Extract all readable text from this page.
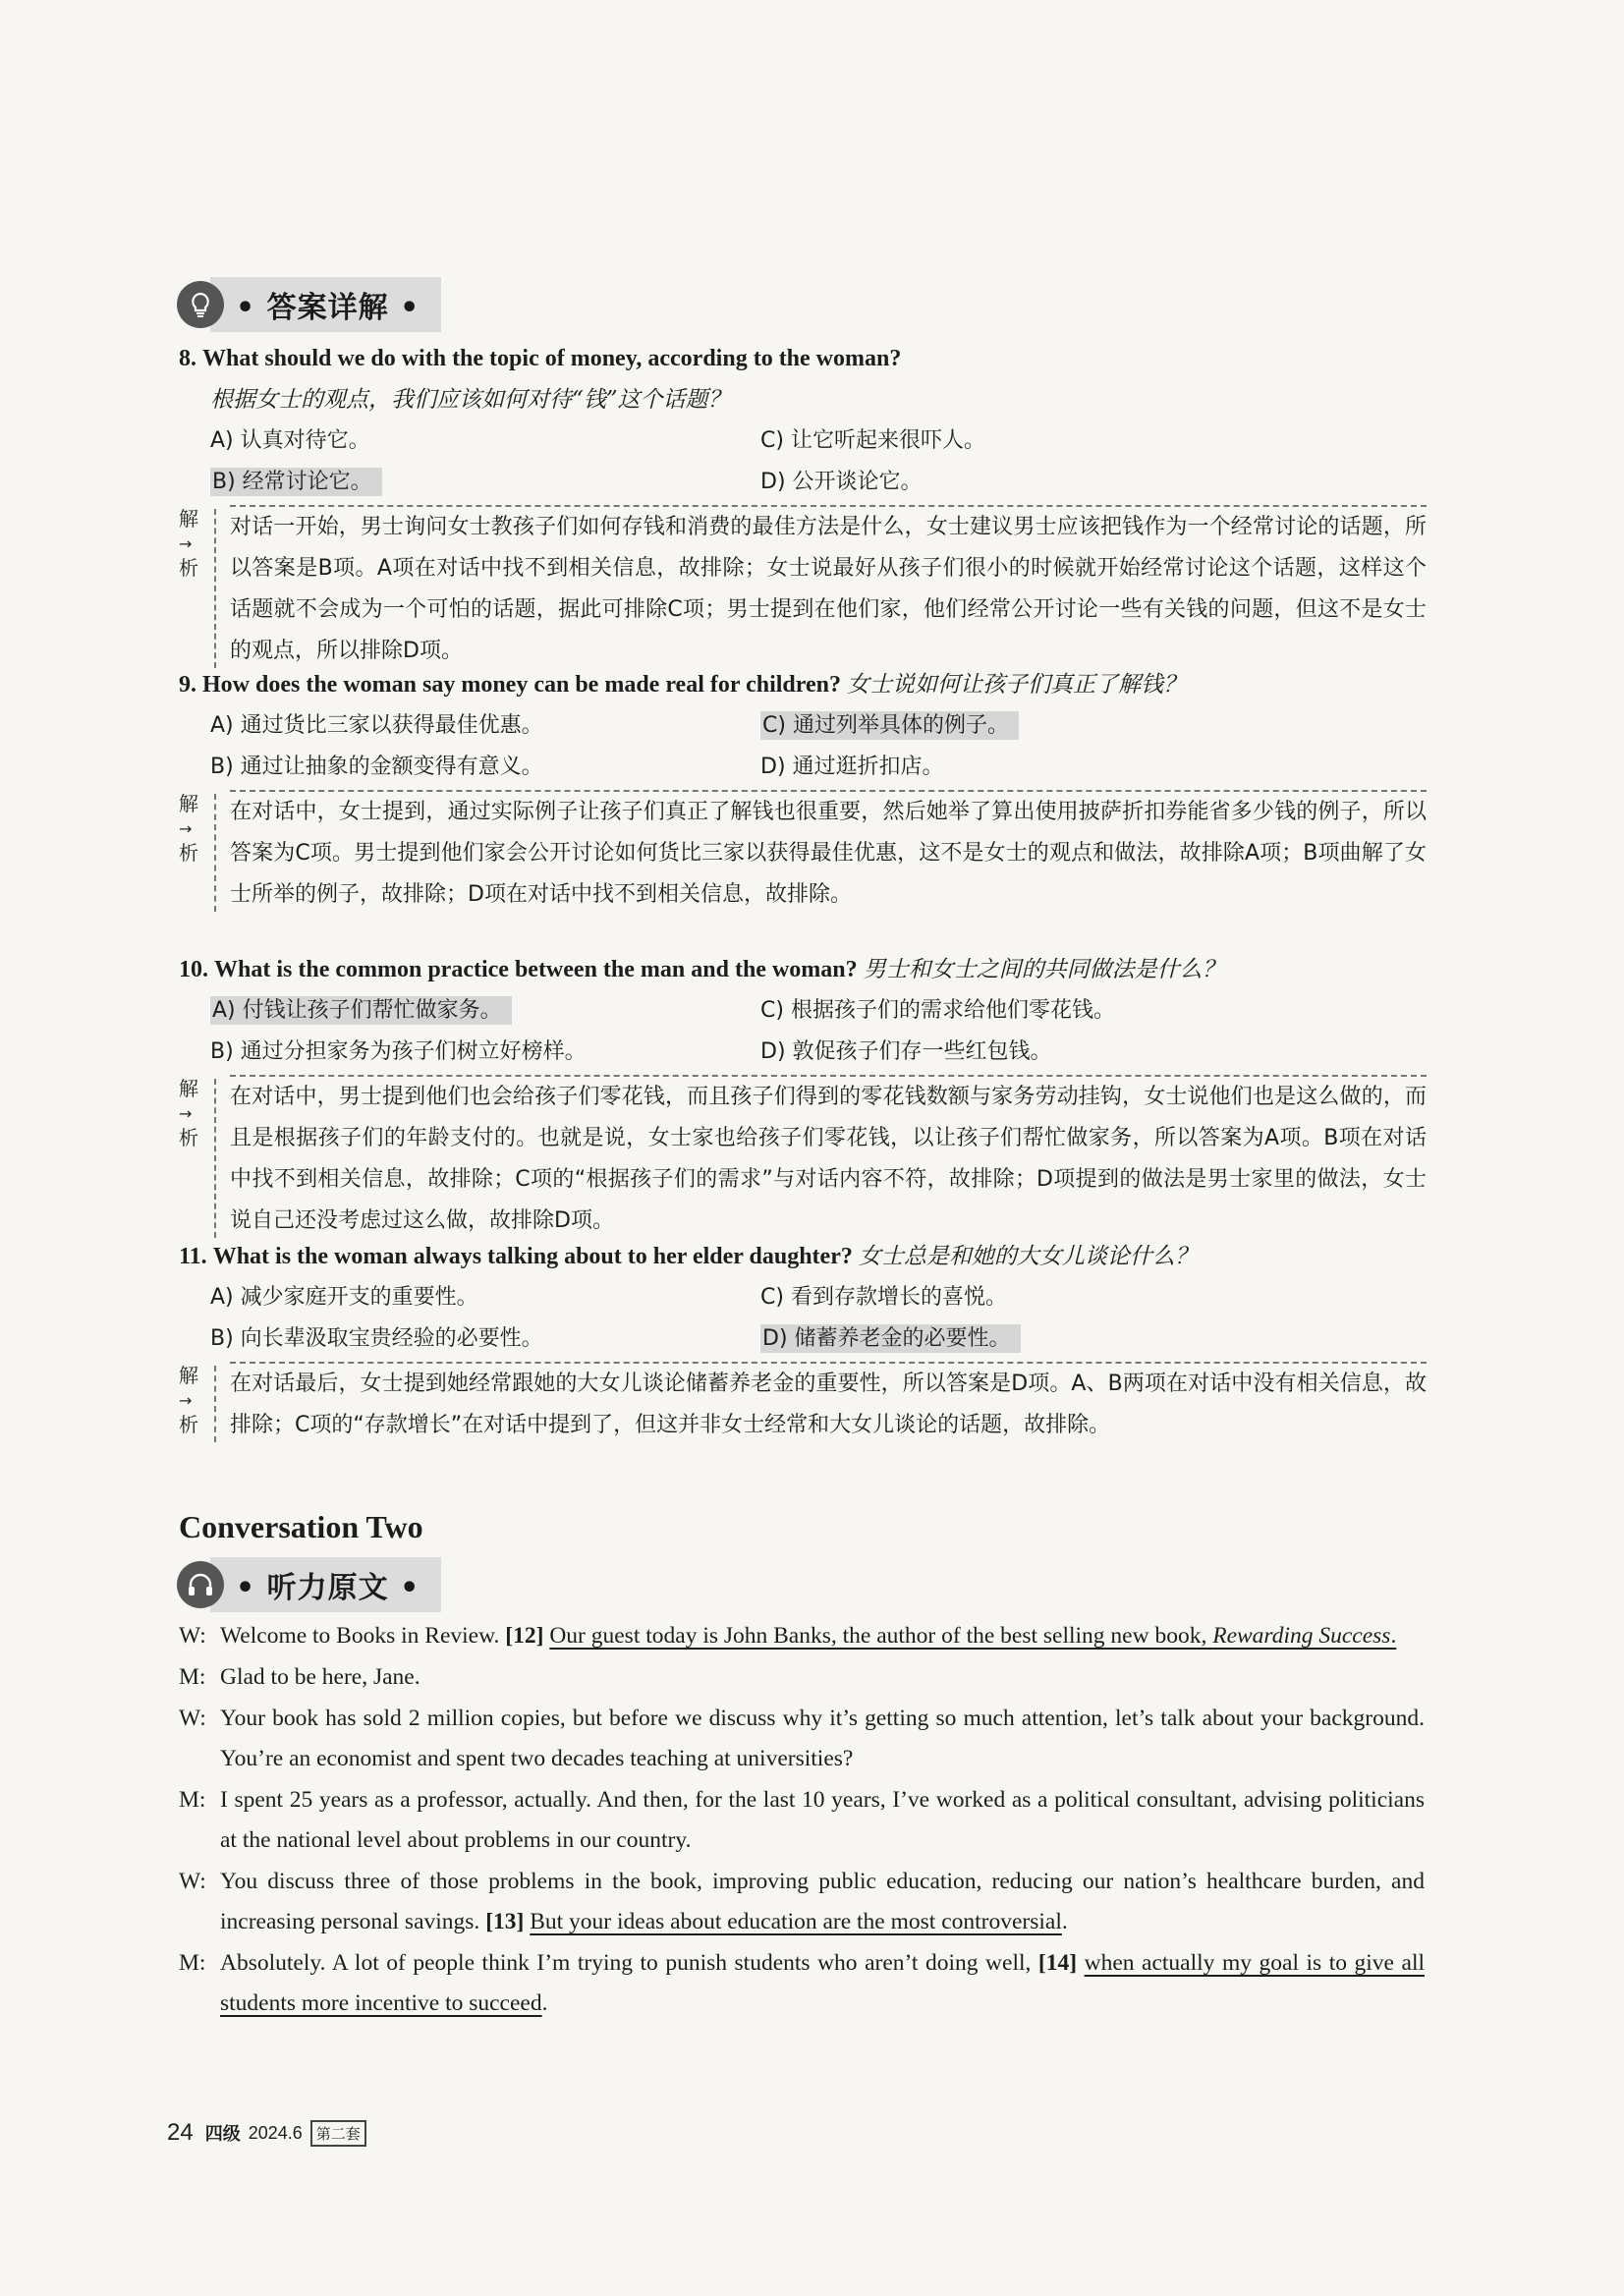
• 答案详解 •
8. What should we do with the topic of money, according to the woman?
根据女士的观点，我们应该如何对待“钱”这个话题？
A) 认真对待它。	C) 让它听起来很吓人。
B) 经常讨论它。	D) 公开谈论它。
解→
析

对话一开始，男士询问女士教孩子们如何存钱和消费的最佳方法是什么，女士建议男士应该把钱作为一个经常讨论的话题，所以答案是B项。A项在对话中找不到相关信息，故排除；女士说最好从孩子们很小的时候就开始经常讨论这个话题，这样这个话题就不会成为一个可怕的话题，据此可排除C项；男士提到在他们家，他们经常公开讨论一些有关钱的问题，但这不是女士的观点，所以排除D项。

9. How does the woman say money can be made real for children? 女士说如何让孩子们真正了解钱？
A) 通过货比三家以获得最佳优惠。	C) 通过列举具体的例子。
B) 通过让抽象的金额变得有意义。	D) 通过逛折扣店。
解→
析

在对话中，女士提到，通过实际例子让孩子们真正了解钱也很重要，然后她举了算出使用披萨折扣券能省多少钱的例子，所以答案为C项。男士提到他们家会公开讨论如何货比三家以获得最佳优惠，这不是女士的观点和做法，故排除A项；B项曲解了女士所举的例子，故排除；D项在对话中找不到相关信息，故排除。

10. What is the common practice between the man and the woman? 男士和女士之间的共同做法是什么？
A) 付钱让孩子们帮忙做家务。	C) 根据孩子们的需求给他们零花钱。
B) 通过分担家务为孩子们树立好榜样。	D) 敦促孩子们存一些红包钱。
解→
析

在对话中，男士提到他们也会给孩子们零花钱，而且孩子们得到的零花钱数额与家务劳动挂钩，女士说他们也是这么做的，而且是根据孩子们的年龄支付的。也就是说，女士家也给孩子们零花钱，以让孩子们帮忙做家务，所以答案为A项。B项在对话中找不到相关信息，故排除；C项的“根据孩子们的需求”与对话内容不符，故排除；D项提到的做法是男士家里的做法，女士说自己还没考虑过这么做，故排除D项。

11. What is the woman always talking about to her elder daughter? 女士总是和她的大女儿谈论什么？
A) 减少家庭开支的重要性。	C) 看到存款增长的喜悦。
B) 向长辈汲取宝贵经验的必要性。	D) 储蓄养老金的必要性。
解→
析

在对话最后，女士提到她经常跟她的大女儿谈论储蓄养老金的重要性，所以答案是D项。A、B两项在对话中没有相关信息，故排除；C项的“存款增长”在对话中提到了，但这并非女士经常和大女儿谈论的话题，故排除。

Conversation Two
• 听力原文 •
W: Welcome to Books in Review. [12] Our guest today is John Banks, the author of the best selling new book, Rewarding Success.
M: Glad to be here, Jane.
W: Your book has sold 2 million copies, but before we discuss why it’s getting so much attention, let’s talk about your background. You’re an economist and spent two decades teaching at universities?
M: I spent 25 years as a professor, actually. And then, for the last 10 years, I’ve worked as a political consultant, advising politicians at the national level about problems in our country.
W: You discuss three of those problems in the book, improving public education, reducing our nation’s healthcare burden, and increasing personal savings. [13] But your ideas about education are the most controversial.
M: Absolutely. A lot of people think I’m trying to punish students who aren’t doing well, [14] when actually my goal is to give all students more incentive to succeed.
24 四级 2024.6 第二套
